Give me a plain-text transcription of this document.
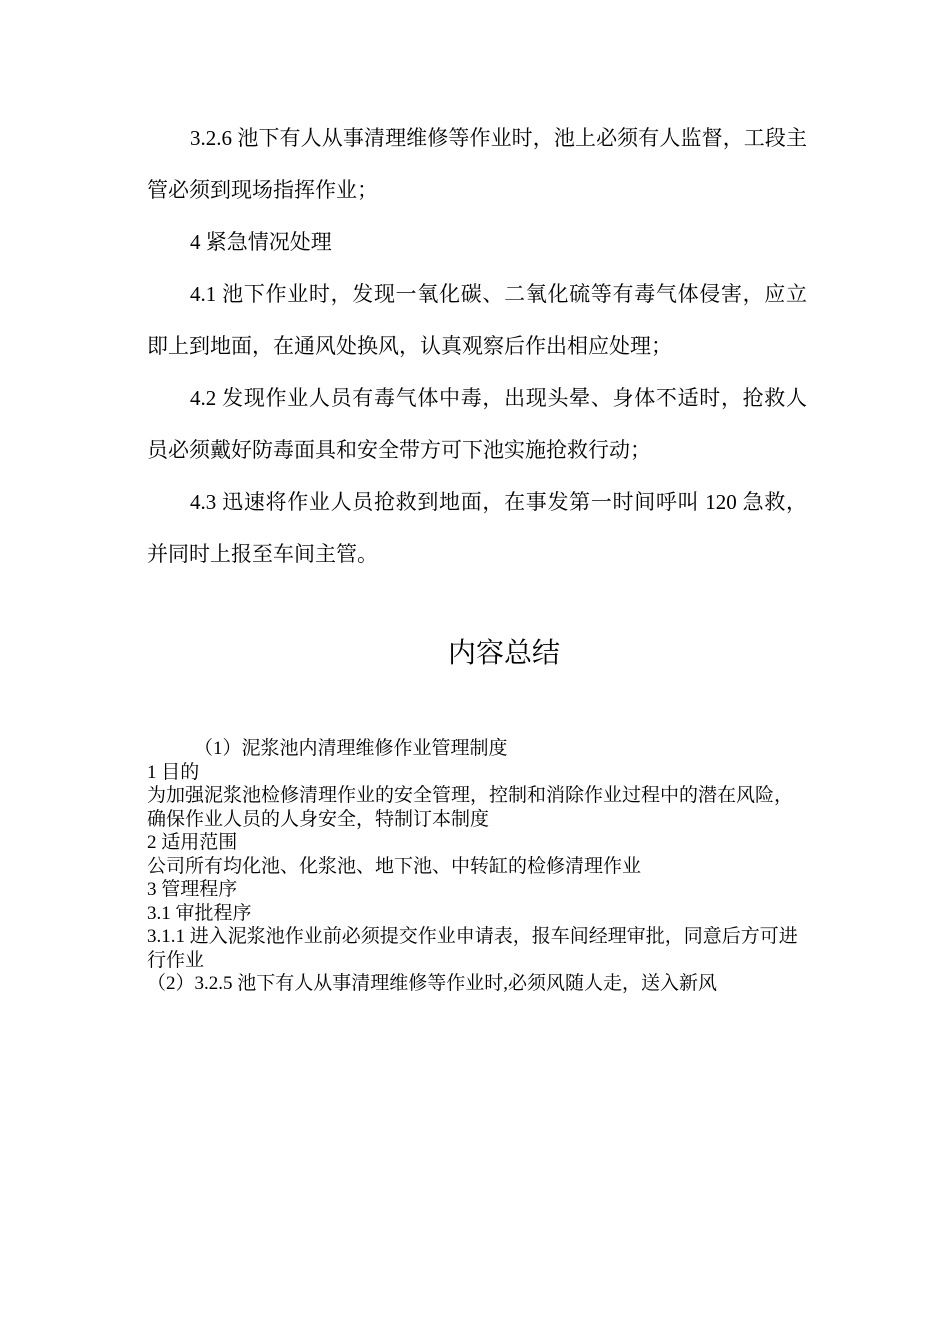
3.2.6 池下有人从事清理维修等作业时，池上必须有人监督，工段主管必须到现场指挥作业；

4 紧急情况处理

4.1 池下作业时，发现一氧化碳、二氧化硫等有毒气体侵害，应立即上到地面，在通风处换风，认真观察后作出相应处理；

4.2 发现作业人员有毒气体中毒，出现头晕、身体不适时，抢救人员必须戴好防毒面具和安全带方可下池实施抢救行动；

4.3 迅速将作业人员抢救到地面，在事发第一时间呼叫 120 急救，并同时上报至车间主管。

内容总结

（1）泥浆池内清理维修作业管理制度

1 目的

为加强泥浆池检修清理作业的安全管理，控制和消除作业过程中的潜在风险，确保作业人员的人身安全，特制订本制度

2 适用范围

公司所有均化池、化浆池、地下池、中转缸的检修清理作业

3 管理程序

3.1 审批程序

3.1.1 进入泥浆池作业前必须提交作业申请表，报车间经理审批，同意后方可进行作业

（2）3.2.5 池下有人从事清理维修等作业时,必须风随人走，送入新风
